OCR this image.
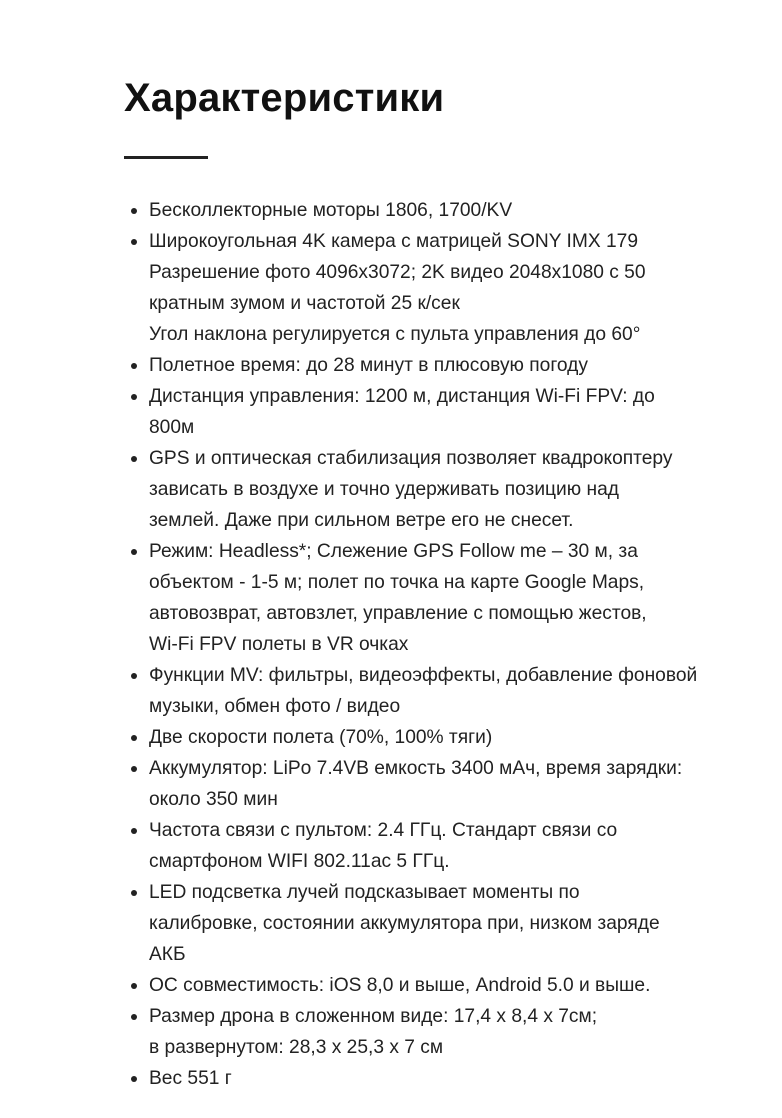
Характеристики
Бесколлекторные моторы 1806, 1700/KV
Широкоугольная 4K камера с матрицей SONY IMX 179
Разрешение фото 4096x3072; 2K видео 2048x1080 с 50
кратным зумом и частотой 25 к/сек
Угол наклона регулируется с пульта управления до 60°
Полетное время: до 28 минут в плюсовую погоду
Дистанция управления: 1200 м, дистанция Wi-Fi FPV: до
800м
GPS и оптическая стабилизация позволяет квадрокоптеру
зависать в воздухе и точно удерживать позицию над
землей. Даже при сильном ветре его не снесет.
Режим: Headless*; Слежение GPS Follow me – 30 м, за
объектом - 1-5 м; полет по точка на карте Google Maps,
автовозврат, автовзлет, управление с помощью жестов,
Wi-Fi FPV полеты в VR очках
Функции MV: фильтры, видеоэффекты, добавление фоновой
музыки, обмен фото / видео
Две скорости полета (70%, 100% тяги)
Аккумулятор: LiPo 7.4VB емкость 3400 мАч, время зарядки:
около 350 мин
Частота связи с пультом: 2.4 ГГц. Стандарт связи со
смартфоном WIFI 802.11ac 5 ГГц.
LED подсветка лучей подсказывает моменты по
калибровке, состоянии аккумулятора при, низком заряде
АКБ
ОС совместимость: iOS 8,0 и выше, Android 5.0 и выше.
Размер дрона в сложенном виде: 17,4 х 8,4 х 7см;
в развернутом: 28,3 х 25,3 х 7 см
Вес 551 г
